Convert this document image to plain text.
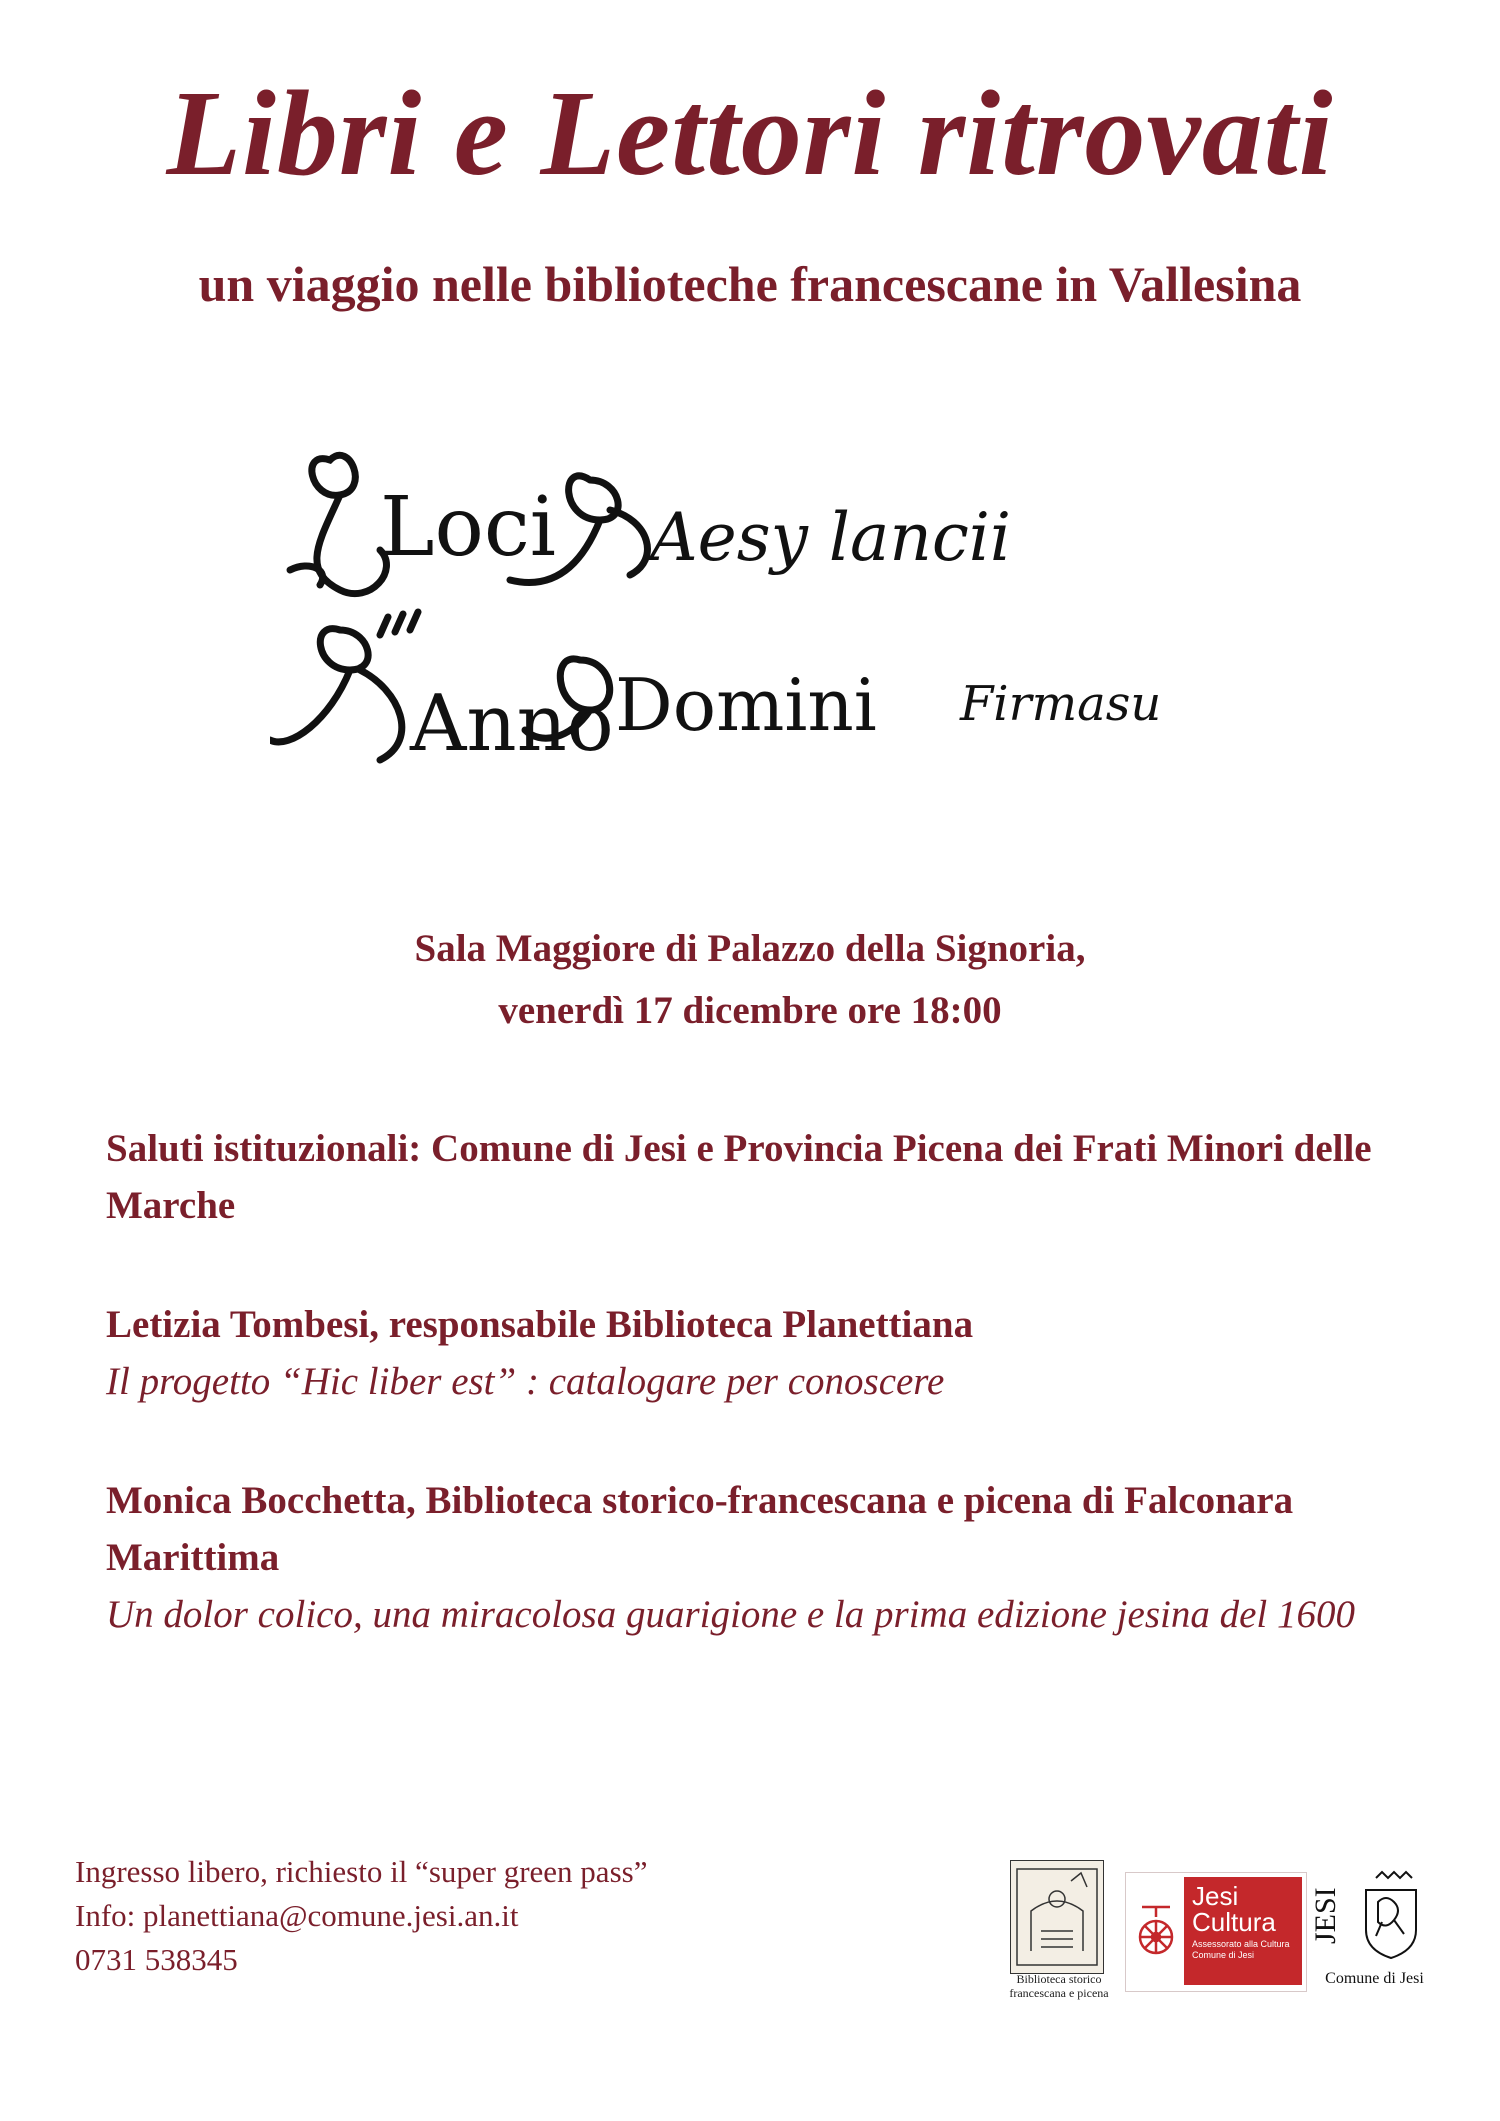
Libri e Lettori ritrovati
un viaggio nelle biblioteche francescane in Vallesina
Loci Aesy lancii
Anno Domini Firmasu
Sala Maggiore di Palazzo della Signoria,
venerdì 17 dicembre ore 18:00
Saluti istituzionali: Comune di Jesi e Provincia Picena dei Frati Minori delle Marche
Letizia Tombesi, responsabile Biblioteca Planettiana
Il progetto “Hic liber est” : catalogare per conoscere
Monica Bocchetta, Biblioteca storico-francescana e picena di Falconara Marittima
Un dolor colico, una miracolosa guarigione e la prima edizione jesina del 1600
Ingresso libero, richiesto il “super green pass”
Info: planettiana@comune.jesi.an.it
0731 538345
Biblioteca storico francescana e picena
Jesi Cultura
Assessorato alla Cultura Comune di Jesi
JESI
Comune di Jesi
